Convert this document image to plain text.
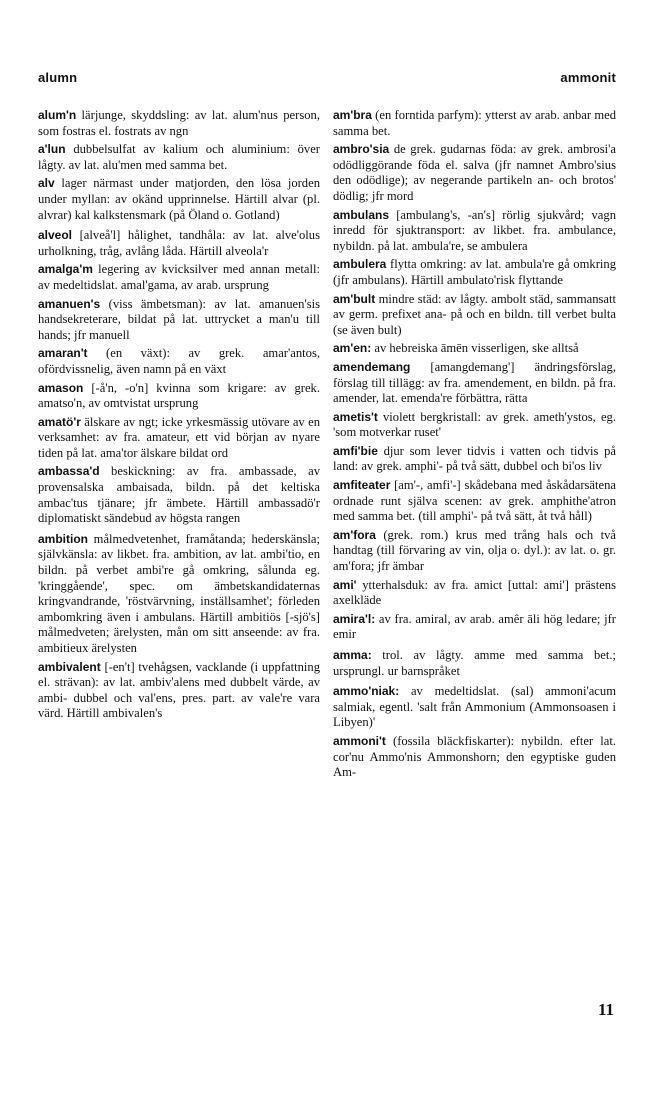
alumn	ammonit
alum'n lärjunge, skyddsling: av lat. alum'nus person, som fostras el. fostrats av ngn
a'lun dubbelsulfat av kalium och aluminium: över lågty. av lat. alu'men med samma bet.
alv lager närmast under matjorden, den lösa jorden under myllan: av okänd upprinnelse. Härtill alvar (pl. alvrar) kal kalkstensmark (på Öland o. Gotland)
alveol [alveå'l] hålighet, tandhåla: av lat. alve'olus urholkning, tråg, avlång låda. Härtill alveola'r
amalga'm legering av kvicksilver med annan metall: av medeltidslat. amal'gama, av arab. ursprung
amanuen's (viss ämbetsman): av lat. amanuen'sis handsekreterare, bildat på lat. uttrycket a man'u till hands; jfr manuell
amaran't (en växt): av grek. amar'antos, ofördvissnelig, även namn på en växt
amason [-å'n, -o'n] kvinna som krigare: av grek. amatso'n, av omtvistat ursprung
amatö'r älskare av ngt; icke yrkesmässig utövare av en verksamhet: av fra. amateur, ett vid början av nyare tiden på lat. ama'tor älskare bildat ord
ambassa'd beskickning: av fra. ambassade, av provensalska ambaisada, bildn. på det keltiska ambac'tus tjänare; jfr ämbete. Härtill ambassadö'r diplomatiskt sändebud av högsta rangen
ambition målmedvetenhet, framåtanda; hederskänsla; självkänsla: av likbet. fra. ambition, av lat. ambi'tio, en bildn. på verbet ambi're gå omkring, sålunda eg. 'kringgående', spec. om ämbetskandidaternas kringvandrande, 'röstvärvning, inställsamhet'; förleden ambomkring även i ambulans. Härtill ambitiös [-sjö's] målmedveten; ärelysten, mån om sitt anseende: av fra. ambitieux ärelysten
ambivalent [-en't] tvehågsen, vacklande (i uppfattning el. strävan): av lat. ambiv'alens med dubbelt värde, av ambi- dubbel och val'ens, pres. part. av vale're vara värd. Härtill ambivalen's
am'bra (en forntida parfym): ytterst av arab. anbar med samma bet.
ambro'sia de grek. gudarnas föda: av grek. ambrosi'a odödliggörande föda el. salva (jfr namnet Ambro'sius den odödlige); av negerande partikeln an- och brotos' dödlig; jfr mord
ambulans [ambulang's, -an's] rörlig sjukvård; vagn inredd för sjuktransport: av likbet. fra. ambulance, nybildn. på lat. ambula're, se ambulera
ambulera flytta omkring: av lat. ambula're gå omkring (jfr ambulans). Härtill ambulato'risk flyttande
am'bult mindre städ: av lågty. ambolt städ, sammansatt av germ. prefixet ana- på och en bildn. till verbet bulta (se även bult)
am'en: av hebreiska āmēn visserligen, ske alltså
amendemang [amangdemang'] ändringsförslag, förslag till tillägg: av fra. amendement, en bildn. på fra. amender, lat. emenda're förbättra, rätta
ametis't violett bergkristall: av grek. ameth'ystos, eg. 'som motverkar ruset'
amfi'bie djur som lever tidvis i vatten och tidvis på land: av grek. amphi'- på två sätt, dubbel och bi'os liv
amfiteater [am'-, amfi'-] skådebana med åskådarsätena ordnade runt själva scenen: av grek. amphithe'atron med samma bet. (till amphi'- på två sätt, åt två håll)
am'fora (grek. rom.) krus med trång hals och två handtag (till förvaring av vin, olja o. dyl.): av lat. o. gr. am'fora; jfr ämbar
ami' ytterhalsduk: av fra. amict [uttal: ami'] prästens axelkläde
amira'l: av fra. amiral, av arab. amêr āli hög ledare; jfr emir
amma: trol. av lågty. amme med samma bet.; ursprungl. ur barnspråket
ammo'niak: av medeltidslat. (sal) ammoni'acum salmiak, egentl. 'salt från Ammonium (Ammonsoasen i Libyen)'
ammoni't (fossila bläckfiskarter): nybildn. efter lat. cor'nu Ammo'nis Ammonshorn; den egyptiske guden Am-
11
